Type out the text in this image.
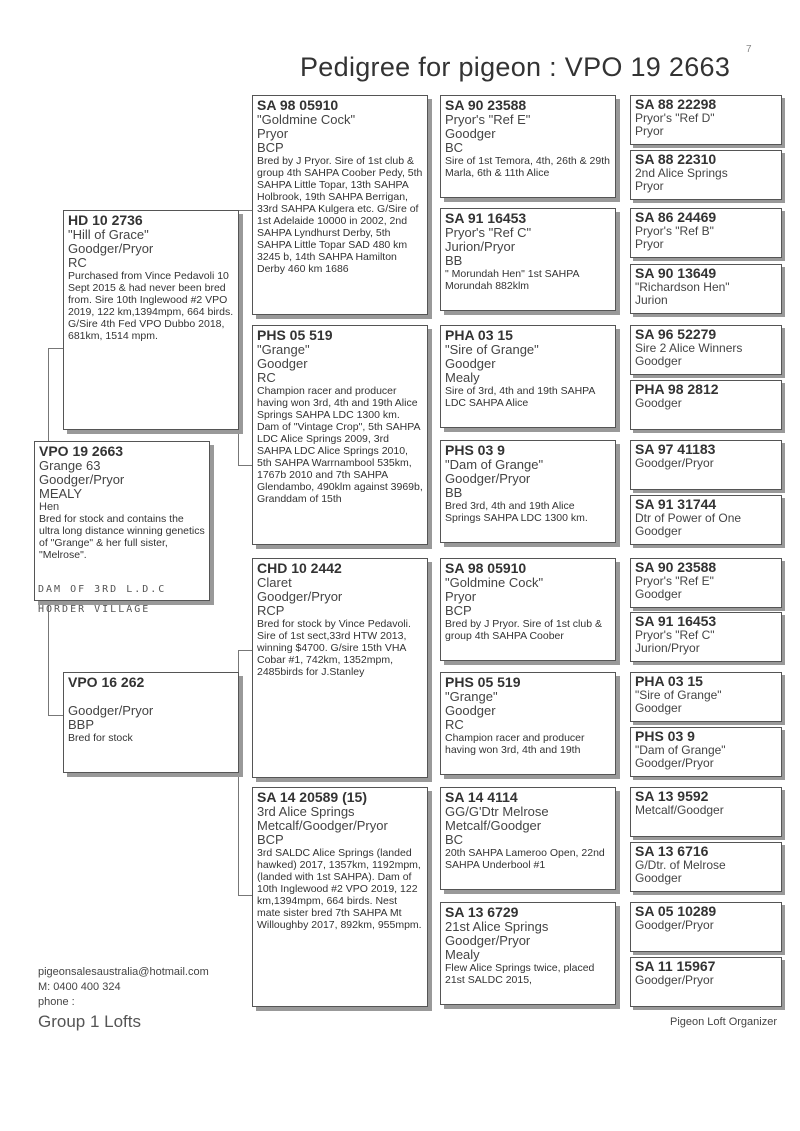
7
Pedigree for pigeon : VPO 19 2663
VPO 19 2663
Grange 63
Goodger/Pryor
MEALY
Hen
Bred for stock and contains the ultra long distance winning genetics of "Grange" & her full sister, "Melrose".
DAM OF 3RD L.D.C
HORDER VILLAGE
HD 10 2736
"Hill of Grace"
Goodger/Pryor
RC
Purchased from Vince Pedavoli 10 Sept 2015 & had never been bred from. Sire 10th Inglewood #2 VPO 2019, 122 km,1394mpm, 664 birds. G/Sire 4th Fed VPO Dubbo 2018, 681km, 1514 mpm.
VPO 16 262
Goodger/Pryor
BBP
Bred for stock
SA 98 05910
"Goldmine Cock"
Pryor
BCP
Bred by J Pryor. Sire of 1st club & group 4th SAHPA Coober Pedy, 5th SAHPA Little Topar, 13th SAHPA Holbrook, 19th SAHPA Berrigan, 33rd SAHPA Kulgera etc. G/Sire of 1st Adelaide 10000 in 2002, 2nd SAHPA Lyndhurst Derby, 5th SAHPA Little Topar SAD 480 km 3245 b, 14th SAHPA Hamilton Derby 460 km 1686
PHS 05 519
"Grange"
Goodger
RC
Champion racer and producer having won 3rd, 4th and 19th Alice Springs SAHPA LDC 1300 km. Dam of "Vintage Crop", 5th SAHPA LDC Alice Springs 2009, 3rd SAHPA LDC Alice Springs 2010, 5th SAHPA Warrnambool 535km, 1767b 2010 and 7th SAHPA Glendambo, 490klm against 3969b, Granddam of 15th
CHD 10 2442
Claret
Goodger/Pryor
RCP
Bred for stock by Vince Pedavoli. Sire of 1st sect,33rd HTW 2013, winning $4700. G/sire 15th VHA Cobar #1, 742km, 1352mpm, 2485birds for J.Stanley
SA 14 20589 (15)
3rd Alice Springs
Metcalf/Goodger/Pryor
BCP
3rd SALDC Alice Springs (landed hawked) 2017, 1357km, 1192mpm, (landed with 1st SAHPA). Dam of 10th Inglewood #2 VPO 2019, 122 km,1394mpm, 664 birds. Nest mate sister bred 7th SAHPA Mt Willoughby 2017, 892km, 955mpm.
SA 90 23588
Pryor's "Ref E"
Goodger
BC
Sire of 1st Temora, 4th, 26th & 29th Marla, 6th & 11th Alice
SA 91 16453
Pryor's "Ref C"
Jurion/Pryor
BB
" Morundah Hen" 1st SAHPA Morundah 882klm
PHA 03 15
"Sire of Grange"
Goodger
Mealy
Sire of 3rd, 4th and 19th SAHPA LDC SAHPA Alice
PHS 03 9
"Dam of Grange"
Goodger/Pryor
BB
Bred 3rd, 4th and 19th Alice Springs SAHPA LDC 1300 km.
SA 98 05910
"Goldmine Cock"
Pryor
BCP
Bred by J Pryor. Sire of 1st club & group 4th SAHPA Coober
PHS 05 519
"Grange"
Goodger
RC
Champion racer and producer having won 3rd, 4th and 19th
SA 14 4114
GG/G'Dtr Melrose
Metcalf/Goodger
BC
20th SAHPA Lameroo Open, 22nd SAHPA Underbool #1
SA 13 6729
21st Alice Springs
Goodger/Pryor
Mealy
Flew Alice Springs twice, placed 21st SALDC 2015,
SA 88 22298
Pryor's "Ref D"
Pryor
SA 88 22310
2nd Alice Springs
Pryor
SA 86 24469
Pryor's "Ref B"
Pryor
SA 90 13649
"Richardson Hen"
Jurion
SA 96 52279
Sire 2 Alice Winners
Goodger
PHA 98 2812
Goodger
SA 97 41183
Goodger/Pryor
SA 91 31744
Dtr of Power of One
Goodger
SA 90 23588
Pryor's "Ref E"
Goodger
SA 91 16453
Pryor's "Ref C"
Jurion/Pryor
PHA 03 15
"Sire of Grange"
Goodger
PHS 03 9
"Dam of Grange"
Goodger/Pryor
SA 13 9592
Metcalf/Goodger
SA 13 6716
G/Dtr. of Melrose
Goodger
SA 05 10289
Goodger/Pryor
SA 11 15967
Goodger/Pryor
pigeonsalesaustralia@hotmail.com
M: 0400 400 324
phone :
Group 1 Lofts	Pigeon Loft Organizer
